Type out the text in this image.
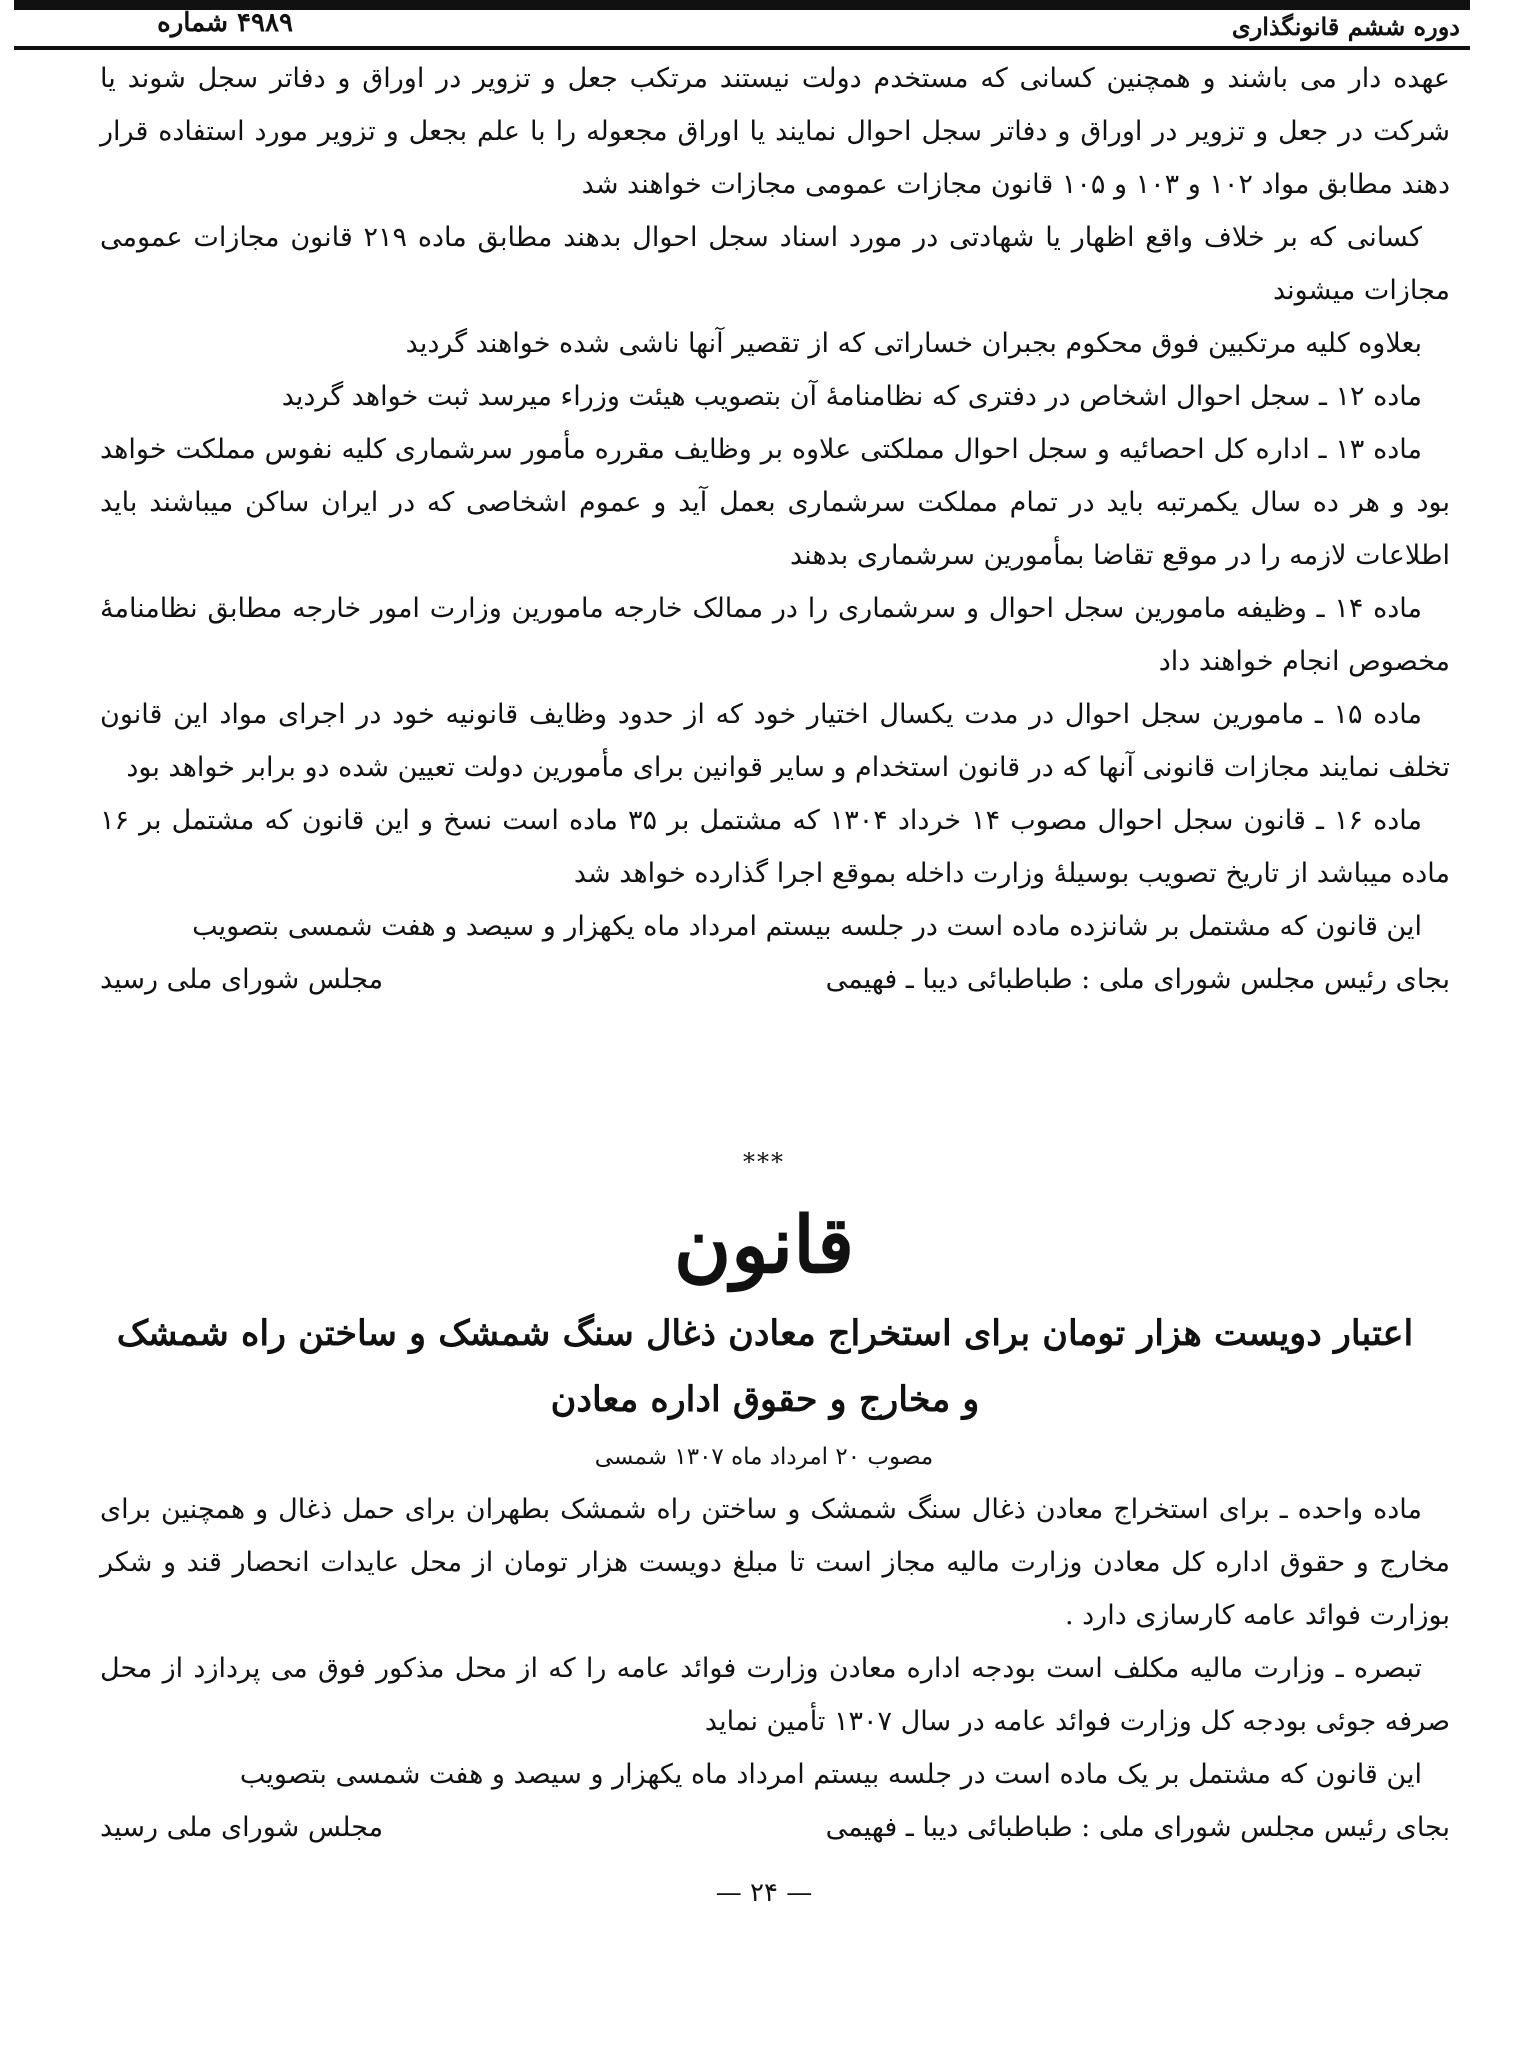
۴۹۸۹ شماره	دوره ششم قانونگذاری

عهده دار می باشند و همچنین کسانی که مستخدم دولت نیستند مرتکب جعل و تزویر در اوراق و دفاتر سجل شوند یا شرکت در جعل و تزویر در اوراق و دفاتر سجل احوال نمایند یا اوراق مجعوله را با علم بجعل و تزویر مورد استفاده قرار دهند مطابق مواد ۱۰۲ و ۱۰۳ و ۱۰۵ قانون مجازات عمومی مجازات خواهند شد

کسانی که بر خلاف واقع اظهار یا شهادتی در مورد اسناد سجل احوال بدهند مطابق ماده ۲۱۹ قانون مجازات عمومی مجازات میشوند

بعلاوه کلیه مرتکبین فوق محکوم بجبران خساراتی که از تقصیر آنها ناشی شده خواهند گردید

ماده ۱۲ ـ سجل احوال اشخاص در دفتری که نظامنامهٔ آن بتصویب هیئت وزراء میرسد ثبت خواهد گردید

ماده ۱۳ ـ اداره کل احصائیه و سجل احوال مملکتی علاوه بر وظایف مقرره مأمور سرشماری کلیه نفوس مملکت خواهد بود و هر ده سال یکمرتبه باید در تمام مملکت سرشماری بعمل آید و عموم اشخاصی که در ایران ساکن میباشند باید اطلاعات لازمه را در موقع تقاضا بمأمورین سرشماری بدهند

ماده ۱۴ ـ وظیفه مامورین سجل احوال و سرشماری را در ممالک خارجه مامورین وزارت امور خارجه مطابق نظامنامهٔ مخصوص انجام خواهند داد

ماده ۱۵ ـ مامورین سجل احوال در مدت یکسال اختیار خود که از حدود وظایف قانونیه خود در اجرای مواد این قانون تخلف نمایند مجازات قانونی آنها که در قانون استخدام و سایر قوانین برای مأمورین دولت تعیین شده دو برابر خواهد بود

ماده ۱۶ ـ قانون سجل احوال مصوب ۱۴ خرداد ۱۳۰۴ که مشتمل بر ۳۵ ماده است نسخ و این قانون که مشتمل بر ۱۶ ماده میباشد از تاریخ تصویب بوسیلهٔ وزارت داخله بموقع اجرا گذارده خواهد شد

این قانون که مشتمل بر شانزده ماده است در جلسه بیستم امرداد ماه یکهزار و سیصد و هفت شمسی بتصویب

مجلس شورای ملی رسید	بجای رئیس مجلس شورای ملی : طباطبائی دیبا ـ فهیمی
***
قانون
اعتبار دویست هزار تومان برای استخراج معادن ذغال سنگ شمشک و ساختن راه شمشک
و مخارج و حقوق اداره معادن
مصوب ۲۰ امرداد ماه ۱۳۰۷ شمسی

ماده واحده ـ برای استخراج معادن ذغال سنگ شمشک و ساختن راه شمشک بطهران برای حمل ذغال و همچنین برای مخارج و حقوق اداره کل معادن وزارت مالیه مجاز است تا مبلغ دویست هزار تومان از محل عایدات انحصار قند و شکر بوزارت فوائد عامه کارسازی دارد .

تبصره ـ وزارت مالیه مکلف است بودجه اداره معادن وزارت فوائد عامه را که از محل مذکور فوق می پردازد از محل صرفه جوئی بودجه کل وزارت فوائد عامه در سال ۱۳۰۷ تأمین نماید

این قانون که مشتمل بر یک ماده است در جلسه بیستم امرداد ماه یکهزار و سیصد و هفت شمسی بتصویب

مجلس شورای ملی رسید	بجای رئیس مجلس شورای ملی : طباطبائی دیبا ـ فهیمی
— ۲۴ —
